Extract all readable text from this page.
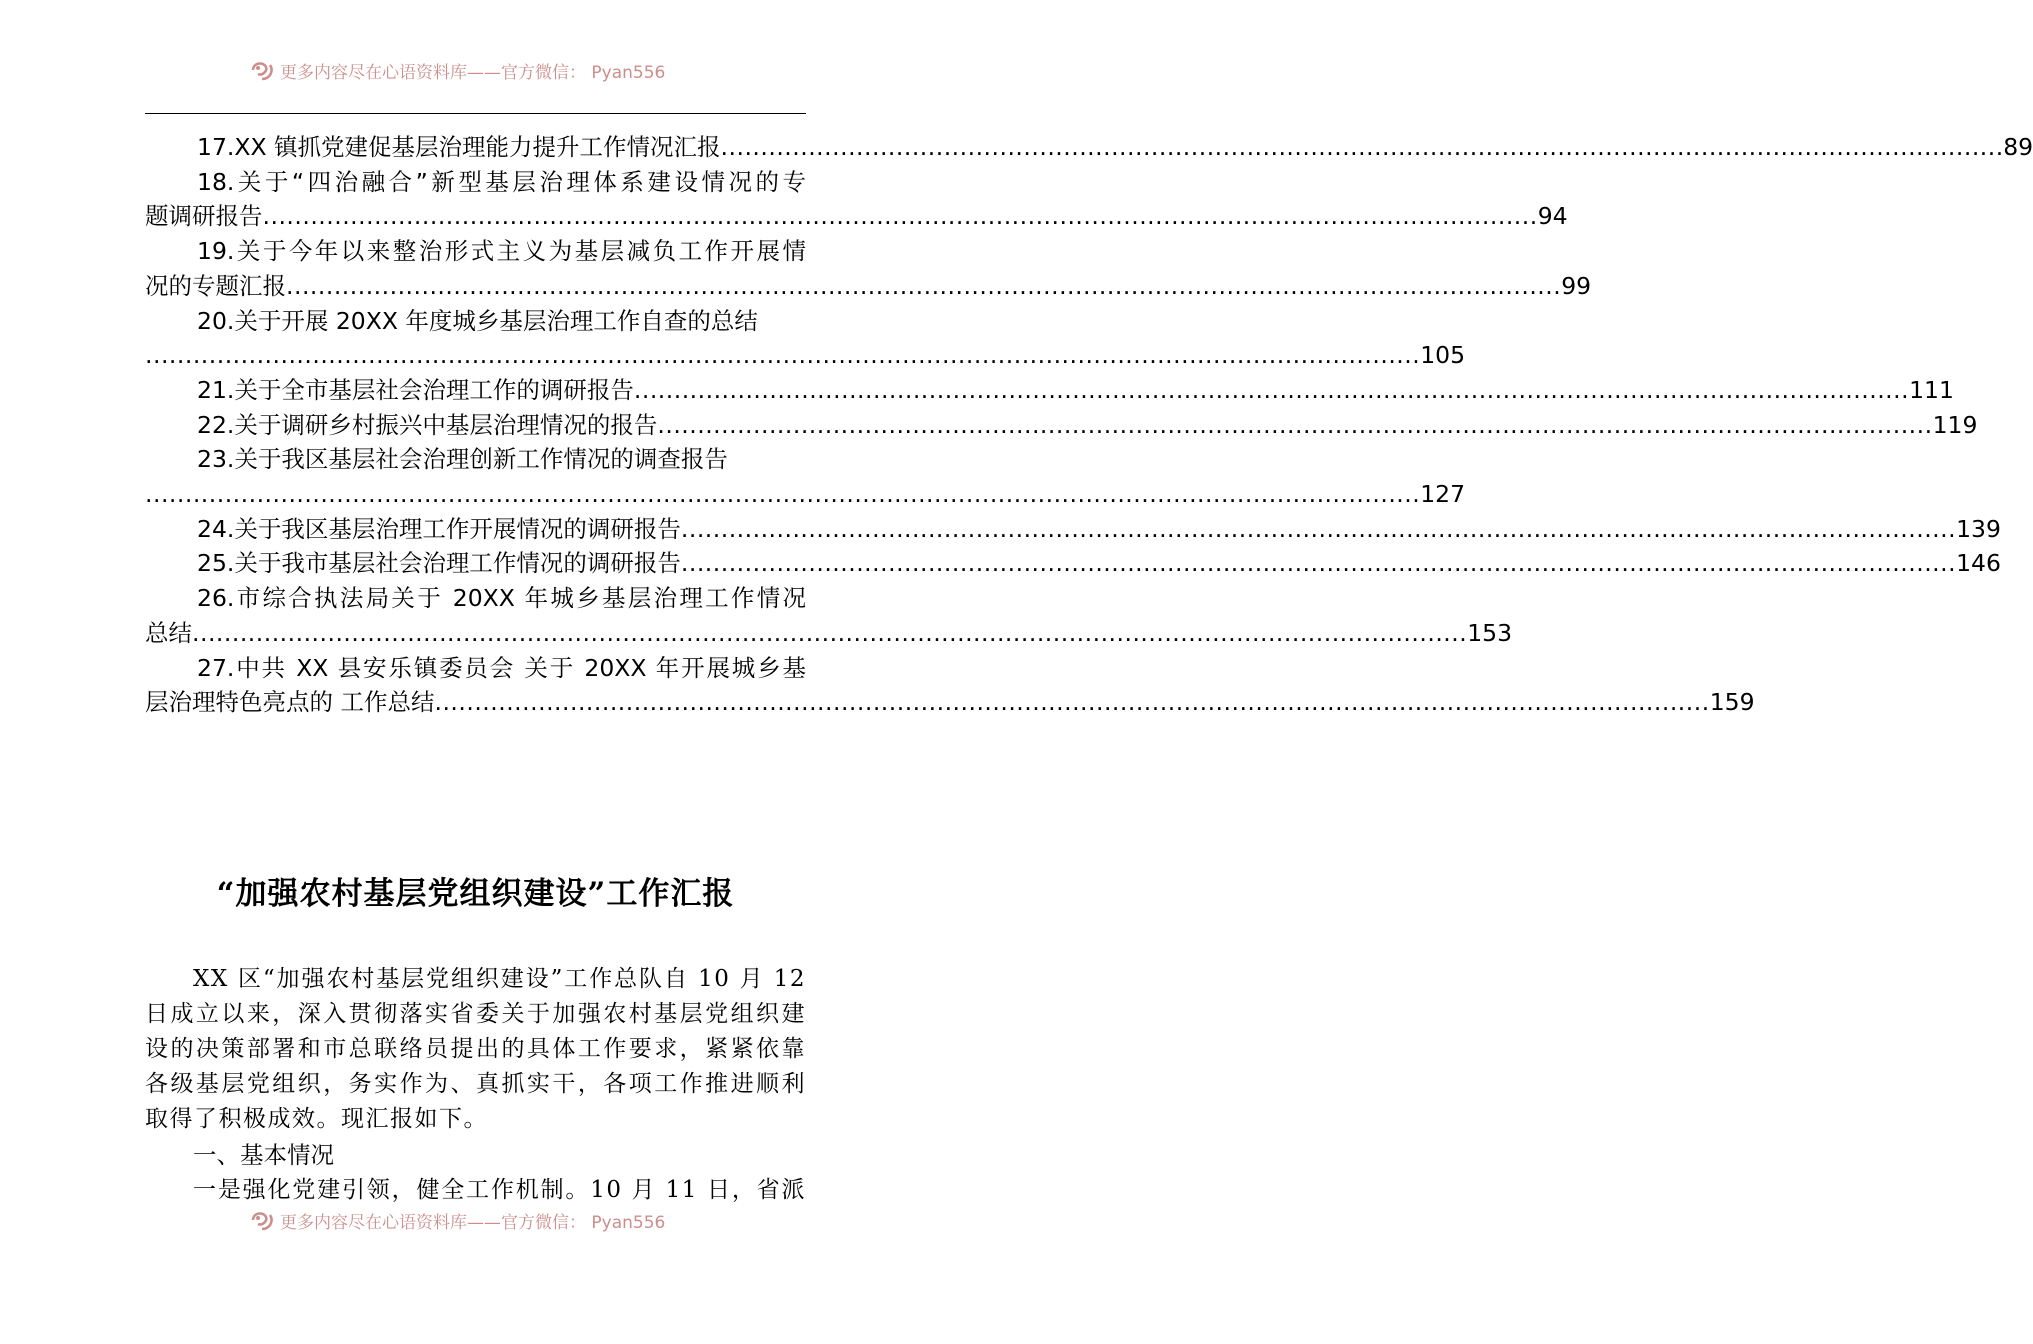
更多内容尽在心语资料库——官方微信： Pyan556
17.XX 镇抓党建促基层治理能力提升工作情况汇报 ................................................................................................................................................................ .89
18.关于“四治融合”新型基层治理体系建设情况的专
题调研报告 ................................................................................................................................................................ 94
19.关于今年以来整治形式主义为基层减负工作开展情
况的专题汇报 ................................................................................................................................................................ 99
20.关于开展 20XX 年度城乡基层治理工作自查的总结
................................................................................................................................................................ 105
21.关于全市基层社会治理工作的调研报告 ................................................................................................................................................................ 111
22.关于调研乡村振兴中基层治理情况的报告 ................................................................................................................................................................ 119
23.关于我区基层社会治理创新工作情况的调查报告
................................................................................................................................................................ 127
24.关于我区基层治理工作开展情况的调研报告 ................................................................................................................................................................ 139
25.关于我市基层社会治理工作情况的调研报告 ................................................................................................................................................................ 146
26.市综合执法局关于 20XX 年城乡基层治理工作情况
总结 ................................................................................................................................................................ 153
27.中共 XX 县安乐镇委员会 关于 20XX 年开展城乡基
层治理特色亮点的 工作总结 ................................................................................................................................................................ 159
“加强农村基层党组织建设”工作汇报
XX 区“加强农村基层党组织建设”工作总队自 10 月 12 日成立以来，深入贯彻落实省委关于加强农村基层党组织建设的决策部署和市总联络员提出的具体工作要求，紧紧依靠各级基层党组织，务实作为、真抓实干，各项工作推进顺利取得了积极成效。现汇报如下。
一、基本情况
一是强化党建引领，健全工作机制。10 月 11 日，省派
更多内容尽在心语资料库——官方微信： Pyan556
